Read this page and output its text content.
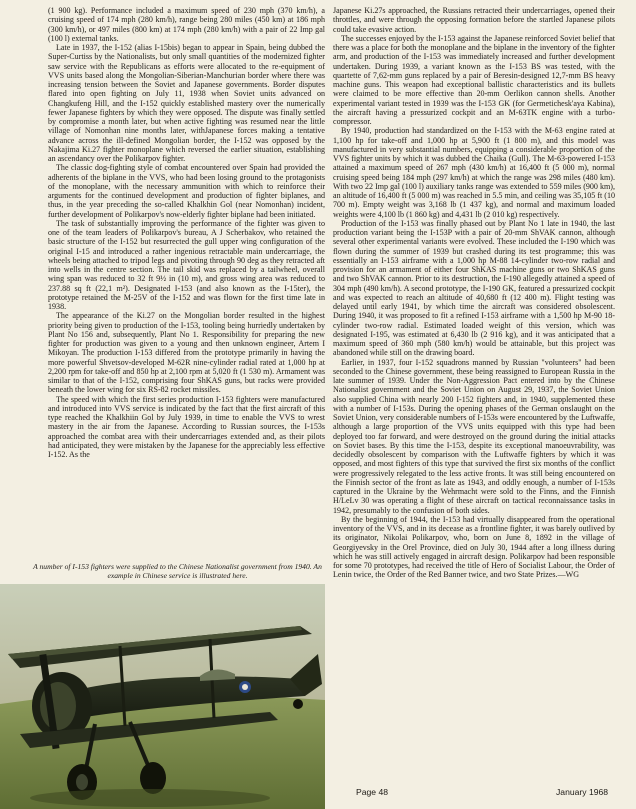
(1 900 kg). Performance included a maximum speed of 230 mph (370 km/h), a cruising speed of 174 mph (280 km/h), range being 280 miles (450 km) at 186 mph (300 km/h), or 497 miles (800 km) at 174 mph (280 km/h) with a pair of 22 Imp gal (100 l) external tanks.

Late in 1937, the I-152 (alias I-15bis) began to appear in Spain, being dubbed the Super-Curtiss by the Nationalists, but only small quantities of the modernized fighter saw service with the Republicans as efforts were allocated to the re-equipment of VVS units based along the Mongolian-Siberian-Manchurian border where there was increasing tension between the Soviet and Japanese governments. Border disputes flared into open fighting on July 11, 1938 when Soviet units advanced on Changkufeng Hill, and the I-152 quickly established mastery over the numerically fewer Japanese fighters by which they were opposed. The dispute was finally settled by compromise a month later, but when active fighting was resumed near the little village of Nomonhan nine months later, withJapanese forces making a tentative advance across the ill-defined Mongolian border, the I-152 was opposed by the Nakajima Ki.27 fighter monoplane which reversed the earlier situation, establishing an ascendancy over the Polikarpov fighter.

The classic dog-fighting style of combat encountered over Spain had provided the adherents of the biplane in the VVS, who had been losing ground to the protagonists of the monoplane, with the necessary ammunition with which to reinforce their arguments for the continued development and production of fighter biplanes, and thus, in the year preceding the so-called Khalkhin Gol (near Nomonhan) incident, further development of Polikarpov's now-elderly fighter biplane had been initiated.

The task of substantially improving the performance of the fighter was given to one of the team leaders of Polikarpov's bureau, A J Scherbakov, who retained the basic structure of the I-152 but resurrected the gull upper wing configuration of the original I-15 and introduced a rather ingenious retractable main undercarriage, the wheels being attached to tripod legs and pivoting through 90 deg as they retracted aft into wells in the centre section. The tail skid was replaced by a tailwheel, overall wing span was reduced to 32 ft 9½ in (10 m), and gross wing area was reduced to 237.88 sq ft (22,1 m²). Designated I-153 (and also known as the I-15ter), the prototype retained the M-25V of the I-152 and was flown for the first time late in 1938.

The appearance of the Ki.27 on the Mongolian border resulted in the highest priority being given to production of the I-153, tooling being hurriedly undertaken by Plant No 156 and, subsequently, Plant No 1. Responsibility for preparing the new fighter for production was given to a young and then unknown engineer, Artem I Mikoyan. The production I-153 differed from the prototype primarily in having the more powerful Shvetsov-developed M-62R nine-cylinder radial rated at 1,000 hp at 2,200 rpm for take-off and 850 hp at 2,100 rpm at 5,020 ft (1 530 m). Armament was similar to that of the I-152, comprising four ShKAS guns, but racks were provided beneath the lower wing for six RS-82 rocket missiles.

The speed with which the first series production I-153 fighters were manufactured and introduced into VVS service is indicated by the fact that the first aircraft of this type reached the Khalkhiin Gol by July 1939, in time to enable the VVS to wrest mastery in the air from the Japanese. According to Russian sources, the I-153s approached the combat area with their undercarriages extended and, as their pilots had anticipated, they were mistaken by the Japanese for the appreciably less effective I-152. As the

A number of I-153 fighters were supplied to the Chinese Nationalist government from 1940. An example in Chinese service is illustrated here.

Japanese Ki.27s approached, the Russians retracted their undercarriages, opened their throttles, and were through the opposing formation before the startled Japanese pilots could take evasive action.

The successes enjoyed by the I-153 against the Japanese reinforced Soviet belief that there was a place for both the monoplane and the biplane in the inventory of the fighter arm, and production of the I-153 was immediately increased and further development undertaken. During 1939, a variant known as the I-153 BS was tested, with the quartette of 7,62-mm guns replaced by a pair of Beresin-designed 12,7-mm BS heavy machine guns. This weapon had exceptional ballistic characteristics and its bullets were claimed to be more effective than 20-mm Oerlikon cannon shells. Another experimental variant tested in 1939 was the I-153 GK (for Germetichesk'aya Kabina), the aircraft having a pressurized cockpit and an M-63TK engine with a turbo-compressor.

By 1940, production had standardized on the I-153 with the M-63 engine rated at 1,100 hp for take-off and 1,000 hp at 5,900 ft (1 800 m), and this model was manufactured in very substantial numbers, equipping a considerable proportion of the VVS fighter units by which it was dubbed the Chaika (Gull). The M-63-powered I-153 attained a maximum speed of 267 mph (430 km/h) at 16,400 ft (5 000 m), normal cruising speed being 184 mph (297 km/h) at which the range was 298 miles (480 km). With two 22 Imp gal (100 l) auxiliary tanks range was extended to 559 miles (900 km), an altitude of 16,400 ft (5 000 m) was reached in 5.5 min, and ceiling was 35,105 ft (10 700 m). Empty weight was 3,168 lb (1 437 kg), and normal and maximum loaded weights were 4,100 lb (1 860 kg) and 4,431 lb (2 010 kg) respectively.

Production of the I-153 was finally phased out by Plant No 1 late in 1940, the last production variant being the I-153P with a pair of 20-mm ShVAK cannon, although several other experimental variants were evolved. These included the I-190 which was flown during the summer of 1939 but crashed during its test programme; this was essentially an I-153 airframe with a 1,000 hp M-88 14-cylinder two-row radial and provision for an armament of either four ShKAS machine guns or two ShKAS guns and two ShVAK cannon. Prior to its destruction, the I-190 allegedly attained a speed of 304 mph (490 km/h). A second prototype, the I-190 GK, featured a pressurized cockpit and was expected to reach an altitude of 40,680 ft (12 400 m). Flight testing was delayed until early 1941, by which time the aircraft was considered obsolescent. During 1940, it was proposed to fit a refined I-153 airframe with a 1,500 hp M-90 18-cylinder two-row radial. Estimated loaded weight of this version, which was designated I-195, was estimated at 6,430 lb (2 916 kg), and it was anticipated that a maximum speed of 360 mph (580 km/h) would be attainable, but this project was abandoned while still on the drawing board.

Earlier, in 1937, four I-152 squadrons manned by Russian "volunteers" had been seconded to the Chinese government, these being reassigned to European Russia in the late summer of 1939. Under the Non-Aggression Pact entered into by the Chinese Nationalist government and the Soviet Union on August 29, 1937, the Soviet Union also supplied China with nearly 200 I-152 fighters and, in 1940, supplemented these with a number of I-153s. During the opening phases of the German onslaught on the Soviet Union, very considerable numbers of I-153s were encountered by the Luftwaffe, although a large proportion of the VVS units equipped with this type had been deployed too far forward, and were destroyed on the ground during the initial attacks on Soviet bases. By this time the I-153, despite its exceptional manoeuvrability, was decidedly obsolescent by comparison with the Luftwaffe fighters by which it was opposed, and most fighters of this type that survived the first six months of the conflict were progressively relegated to the less active fronts. It was still being encountered on the Finnish sector of the front as late as 1943, and oddly enough, a number of I-153s captured in the Ukraine by the Wehrmacht were sold to the Finns, and the Finnish H/LeLv 30 was operating a flight of these aircraft on tactical reconnaissance tasks in 1942, presumably to the confusion of both sides.

By the beginning of 1944, the I-153 had virtually disappeared from the operational inventory of the VVS, and in its decease as a frontline fighter, it was barely outlived by its originator, Nikolai Polikarpov, who, born on June 8, 1892 in the village of Georgiyevsky in the Orel Province, died on July 30, 1944 after a long illness during which he was still actively engaged in aircraft design. Polikarpov had been responsible for some 70 prototypes, had received the title of Hero of Socialist Labour, the Order of Lenin twice, the Order of the Red Banner twice, and two State Prizes.—WG

Page 48	January 1968
